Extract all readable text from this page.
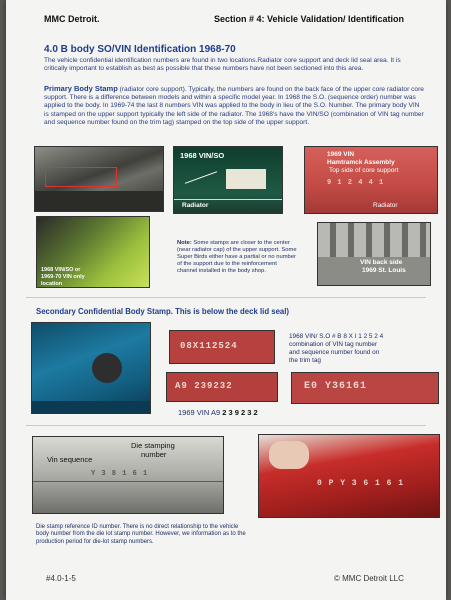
MMC Detroit.	Section # 4: Vehicle Validation/ Identification
4.0 B body SO/VIN Identification 1968-70
The vehicle confidential identification numbers are found in two locations.Radiator core support and deck lid seal area. It is critically important to establish as best as possible that these numbers have not been sectioned into this area.
Primary Body Stamp (radiator core support). Typically, the numbers are found on the back face of the upper core radiator core support. There is a difference between models and within a specific model year. In 1968 the S.O. (sequence order) number was applied to the body. In 1969-74 the last 8 numbers VIN was applied to the body in lieu of the S.O. Number. The primary body VIN is stamped on the upper support typically the left side of the radiator. The 1968's have the VIN/SO (combination of VIN tag number and sequence number found on the trim tag) stamped on the top side of the upper support.
1968 VIN/SO
Radiator
1969 VIN
Hamtramck Assembly
Top side of core support
9 1 2 4 4 1
Radiator
1968 VIN/SO or
1969-70 VIN only
location
Note: Some stamps are closer to the center (near radiator cap) of the upper support. Some Super Birds either have a partial or no number of the support due to the reinforcement channel installed in the body shop.
VIN back side
1969 St. Louis
Secondary Confidential Body Stamp. This is below the deck lid seal)
08X112524
1968 VIN/ S.O # B 8 X I 1 2 5 2 4
combination of VIN tag number
and sequence number found on
the trim tag
A9 239232
1969 VIN A9 2 3 9 2 3 2
E0 Y36161
Vin sequence
Die stamping
number
Y 3 8 1 6 1
0 P Y 3 6 1 6 1
Die stamp reference ID number. There is no direct relationship to the vehicle body number from the die lot stamp number. However, we information as to the production period for die-lot stamp numbers.
#4.0-1-5	© MMC Detroit LLC
